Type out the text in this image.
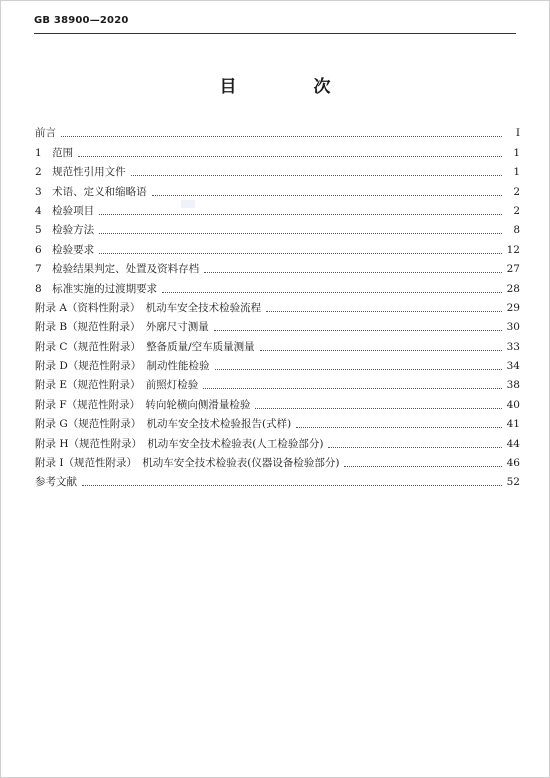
GB 38900—2020
目　次
前言	Ⅰ
1　范围	1
2　规范性引用文件	1
3　术语、定义和缩略语	2
4　检验项目	2
5　检验方法	8
6　检验要求	12
7　检验结果判定、处置及资料存档	27
8　标准实施的过渡期要求	28
附录 A（资料性附录）　机动车安全技术检验流程	29
附录 B（规范性附录）　外廓尺寸测量	30
附录 C（规范性附录）　整备质量/空车质量测量	33
附录 D（规范性附录）　制动性能检验	34
附录 E（规范性附录）　前照灯检验	38
附录 F（规范性附录）　转向轮横向侧滑量检验	40
附录 G（规范性附录）　机动车安全技术检验报告(式样)	41
附录 H（规范性附录）　机动车安全技术检验表(人工检验部分)	44
附录 I（规范性附录）　机动车安全技术检验表(仪器设备检验部分)	46
参考文献	52
